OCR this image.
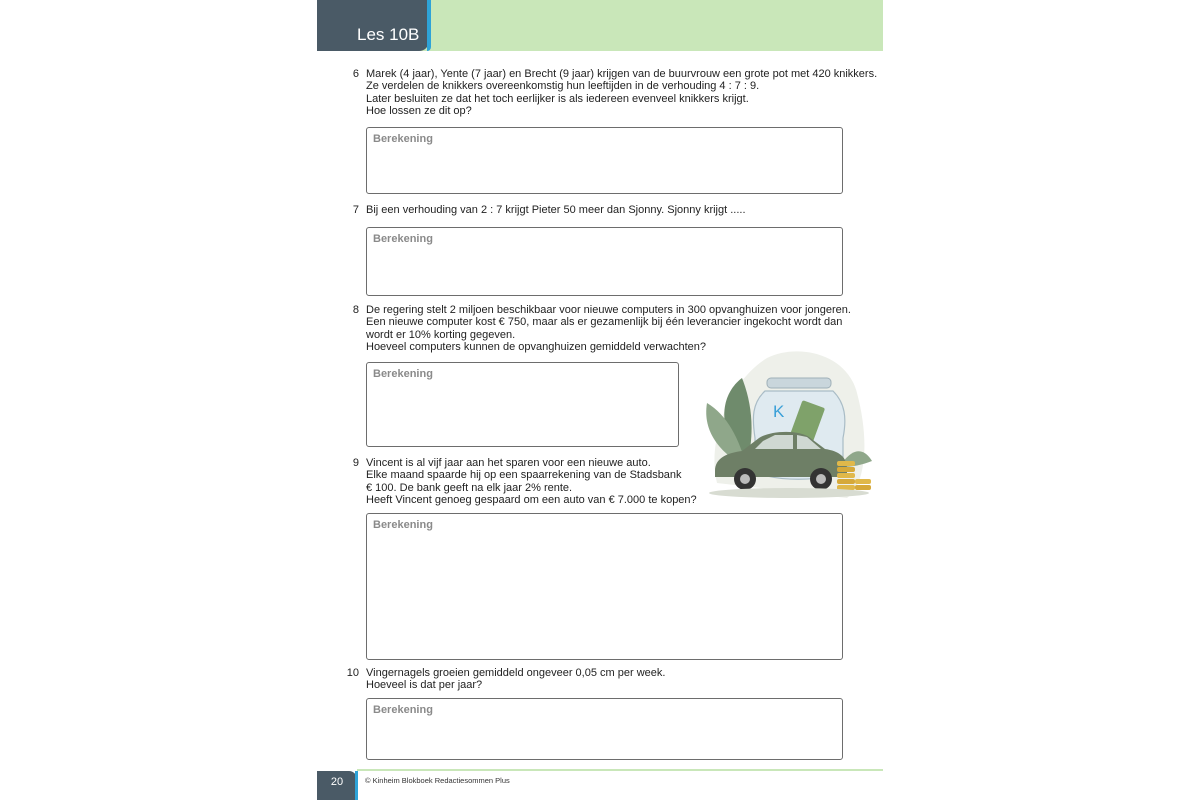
Les 10B
6 Marek (4 jaar), Yente (7 jaar) en Brecht (9 jaar) krijgen van de buurvrouw een grote pot met 420 knikkers.
Ze verdelen de knikkers overeenkomstig hun leeftijden in de verhouding 4 : 7 : 9.
Later besluiten ze dat het toch eerlijker is als iedereen evenveel knikkers krijgt.
Hoe lossen ze dit op?
Berekening
7 Bij een verhouding van 2 : 7 krijgt Pieter 50 meer dan Sjonny. Sjonny krijgt .....
Berekening
8 De regering stelt 2 miljoen beschikbaar voor nieuwe computers in 300 opvanghuizen voor jongeren.
Een nieuwe computer kost € 750, maar als er gezamenlijk bij één leverancier ingekocht wordt dan
wordt er 10% korting gegeven.
Hoeveel computers kunnen de opvanghuizen gemiddeld verwachten?
Berekening
K
9 Vincent is al vijf jaar aan het sparen voor een nieuwe auto.
Elke maand spaarde hij op een spaarrekening van de Stadsbank
€ 100. De bank geeft na elk jaar 2% rente.
Heeft Vincent genoeg gespaard om een auto van € 7.000 te kopen?
Berekening
10 Vingernagels groeien gemiddeld ongeveer 0,05 cm per week.
Hoeveel is dat per jaar?
Berekening
20	© Kinheim Blokboek Redactiesommen Plus
